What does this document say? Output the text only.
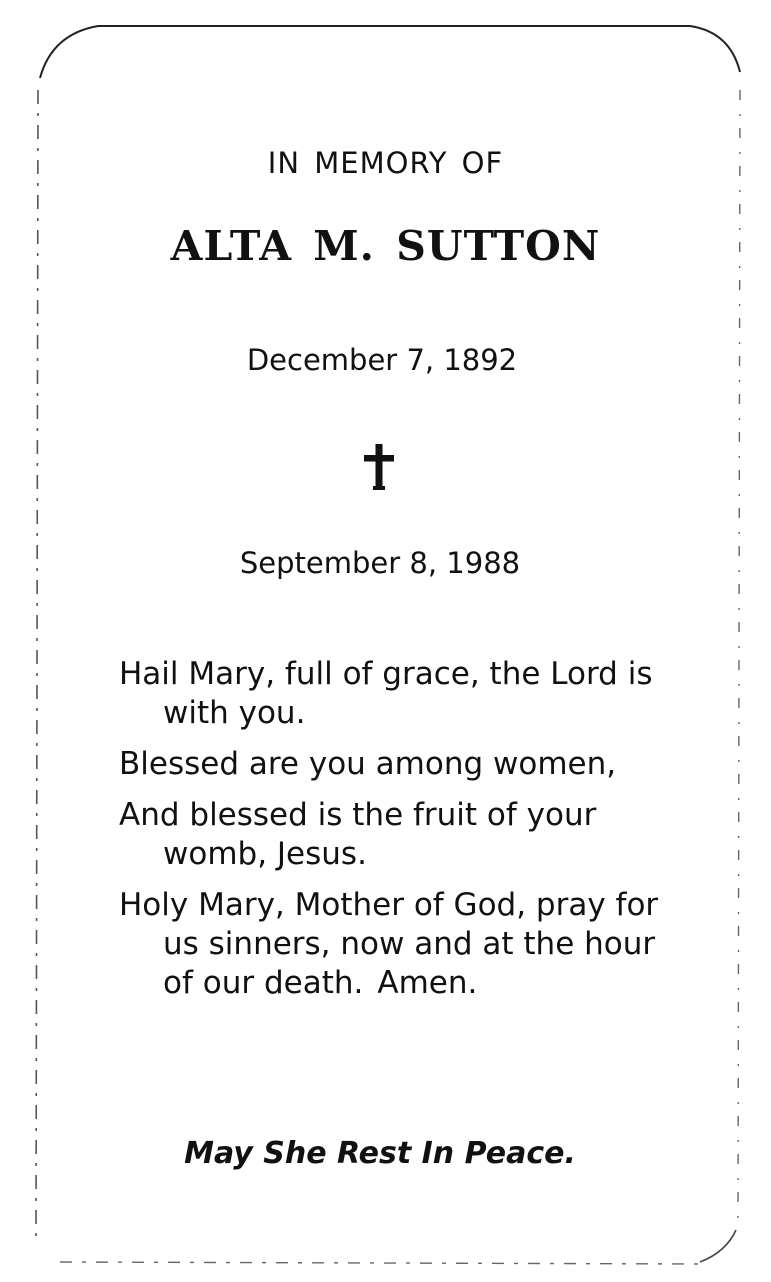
IN MEMORY OF
ALTA M. SUTTON
December 7, 1892
September 8, 1988

Hail Mary, full of grace, the Lord is with you.

Blessed are you among women,

And blessed is the fruit of your womb, Jesus.

Holy Mary, Mother of God, pray for us sinners, now and at the hour of our death. Amen.

May She Rest In Peace.
